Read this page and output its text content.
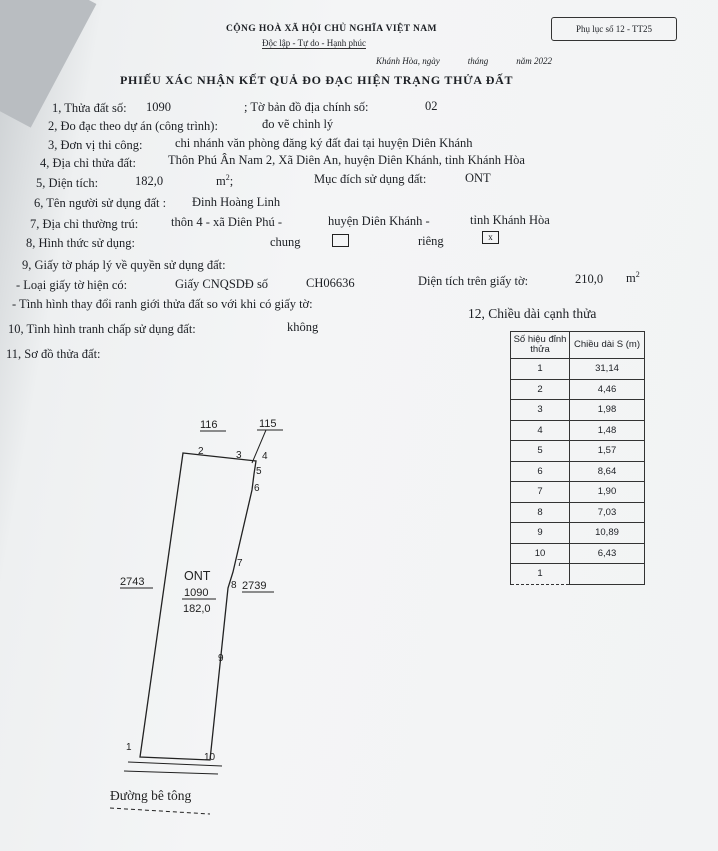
CỘNG HOÀ XÃ HỘI CHỦ NGHĨA VIỆT NAM
Độc lập - Tự do - Hạnh phúc
Phụ lục số 12 - TT25
Khánh Hòa, ngày	tháng	năm 2022
PHIẾU XÁC NHẬN KẾT QUẢ ĐO ĐẠC HIỆN TRẠNG THỬA ĐẤT
1, Thửa đất số: 1090	; Tờ bản đồ địa chính số:	02
2, Đo đạc theo dự án (công trình):	đo vẽ chỉnh lý
3, Đơn vị thi công:	chi nhánh văn phòng đăng ký đất đai tại huyện Diên Khánh
4, Địa chỉ thửa đất:	Thôn Phú Ân Nam 2, Xã Diên An, huyện Diên Khánh, tỉnh Khánh Hòa
5, Diện tích:	182,0	$m^2$;	Mục đích sử dụng đất:	ONT
6, Tên người sử dụng đất : Đinh Hoàng Linh
7, Địa chỉ thường trú:	thôn 4 - xã Diên Phú -	huyện Diên Khánh -	tỉnh Khánh Hòa
8, Hình thức sử dụng:	chung	riêng	x
9, Giấy tờ pháp lý về quyền sử dụng đất:
- Loại giấy tờ hiện có:	Giấy CNQSDĐ số	CH06636	Diện tích trên giấy tờ:	210,0 $m^2$
- Tình hình thay đổi ranh giới thửa đất so với khi có giấy tờ:
12, Chiều dài cạnh thửa
10, Tình hình tranh chấp sử dụng đất:	không
11, Sơ đồ thửa đất:
Số hiệu đỉnh thửa	Chiều dài S (m)
1	31,14
2	4,46
3	1,98
4	1,48
5	1,57
6	8,64
7	1,90
8	7,03
9	10,89
10	6,43
1	
116	115
2743	2739
ONT
1090
182,0
1
2	3 4
5
6
7
8
9
10
Đường bê tông
